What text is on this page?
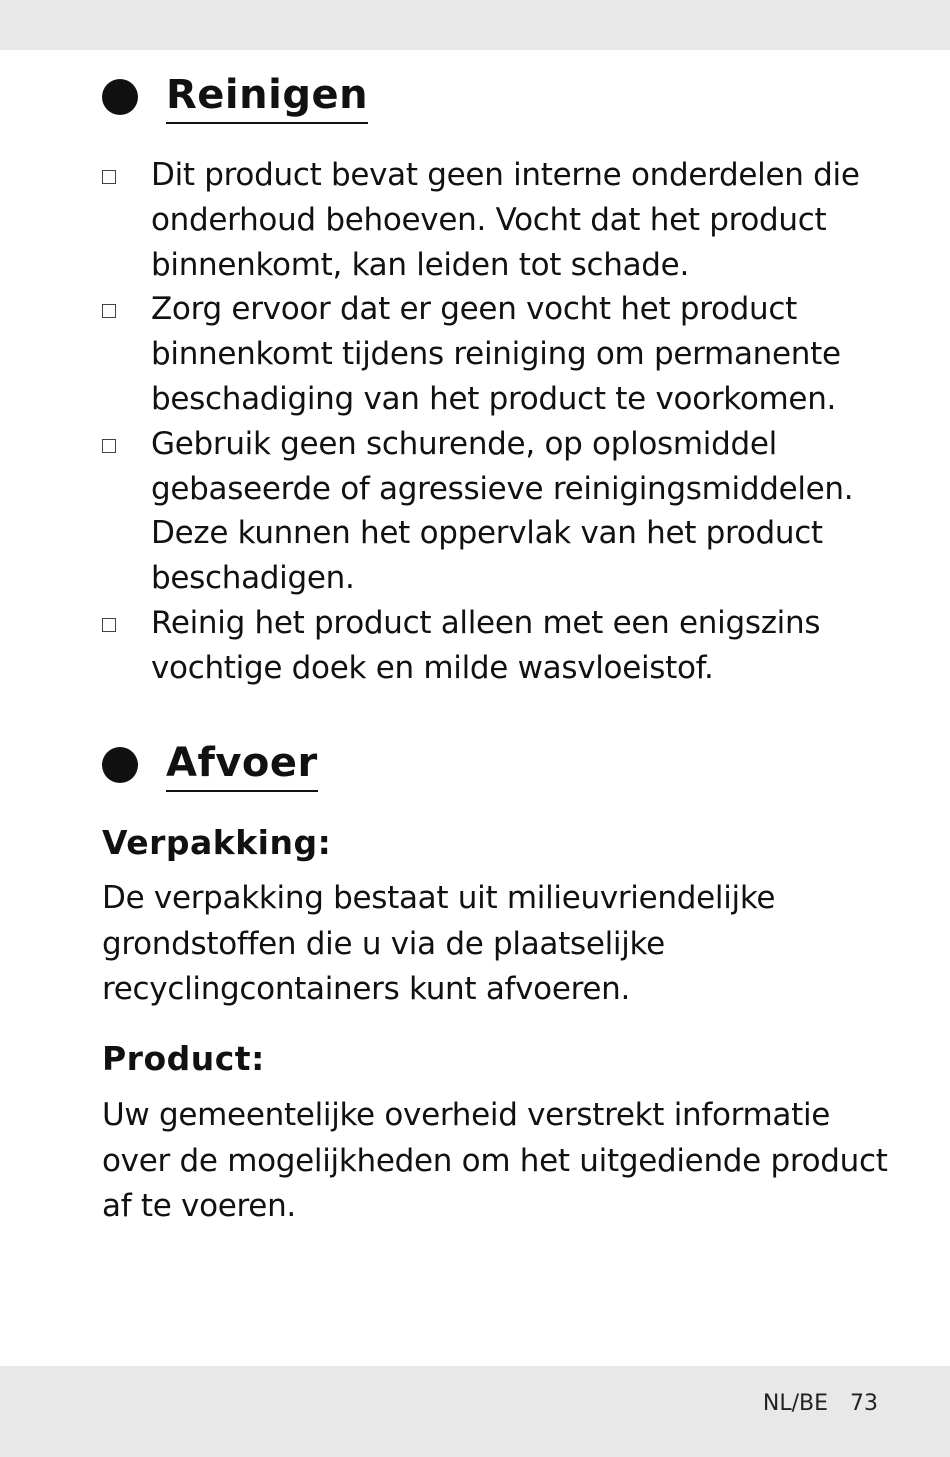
Reinigen
Dit product bevat geen interne onderdelen die onderhoud behoeven. Vocht dat het product binnenkomt, kan leiden tot schade.
Zorg ervoor dat er geen vocht het product binnenkomt tijdens reiniging om permanente beschadiging van het product te voorkomen.
Gebruik geen schurende, op oplosmiddel gebaseerde of agressieve reinigingsmiddelen. Deze kunnen het oppervlak van het product beschadigen.
Reinig het product alleen met een enigszins vochtige doek en milde wasvloeistof.
Afvoer
Verpakking:

De verpakking bestaat uit milieuvriendelijke grondstoffen die u via de plaatselijke recyclingcontainers kunt afvoeren.

Product:

Uw gemeentelijke overheid verstrekt informatie over de mogelijkheden om het uitgediende product af te voeren.

NL/BE 73
